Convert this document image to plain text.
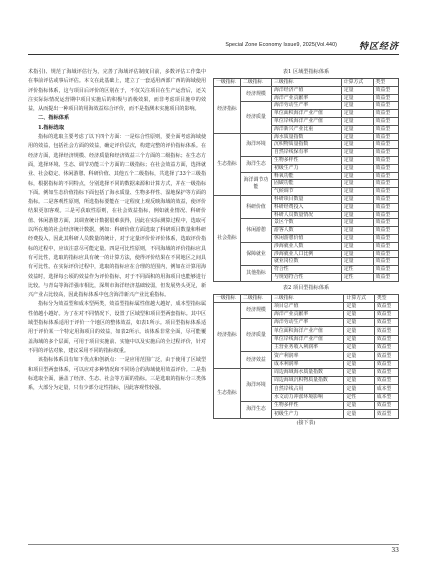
Special Zone Economy Issue9, 2025(Vol.440) 特区经济

术指引)、规范了海域评估行为，完善了海域评估制度目前，多数评估工作集中在事前评估或事后评估。本文在此基础上，建立了一套适用西部广西的海域使用评价指标体系，这与项目后评价的区别在于，不仅关注项目在生产运营后，还关注实际际情况运营期中项目实施后的积极与消极效果，而非考虑项目施中的效益，从而提出一种项目的用海效益综合评价，而不是指测未实施项目的影响。

二、指标体系

1.指标选取

指标的选取主要考虑了以下四个方面：一是综合性原则，要全面考虑海域使用的效益，包括社会方面的效益，确定评价层次，构建完整的评价指标体系。在经济方面，选择经济规模、经济质量和经济效益三个方面的二级指标；在生态方面，选择环境、生态、调节功能三个方面的二级指标；在社会效益方面，选择就业、社会稳定、休闲游憩、科研价值、其他五个二级指标，共选择了33个三级指标，根据指标的不同特点，分别选择不同的数据来源和计算方式，并在一级指标下面。例如生态价值指标下面包括了海水质量、生物多样性、湿地保护等方面的指标。二是客观性原则，所选指标要能在一定程度上观反映海域的效益，使评价结果更加客观。三是可获取性原则，在社会效益指标，例如就业情况、科研价值、休闲游憩方面，其调查统计数据很难获得，因此在实际测算过程中，选取可以所在地的社会经济统计数据，例如：科研价值方面选取了科研项目数量和科研经费投入，因此其科研人员数量的统计，对于定量评价价评价体系，选取评价指标的过程中，应该注意尽可能定量。四是可比性原则，不同海域的评价指标应具有可比性，选取的指标应具有统一的计算方法，使得评价结果在不同地区之间具有可比性。在实际评价过程中，选取的指标应在合理的范围内，例如在计算用海效益时，选择每公顷的效益作为评价指标，对于不同面积的用海项目也能够进行比较。与青岛等海洋强市相比，深圳市海洋经济基础较弱，但发展势头更足，新兴产业占比较高，因此指标体系中包含海洋新兴产业比重指标。

指标分为效益型和成本型两类，效益型指标属性值越大越好，成本型指标属性值越小越好。为了在对不同情况下，设置了区域型和项目型两套指标。其中区域型指标体系适用于评价一个地区的整体效益，如表1所示。项目型指标体系适用于评价某一个特定用海项目的效益，如表2所示。该体系非常全面，尽可能覆盖海域的多个层面，可用于项目实施前、实施中以及实施后的全过程评价，针对不同的评估对象，建议采用不同的指标权重。

该指标体系具有如下优点和创新点：一是应用范围广泛，由于使用了区域型和项目型两套体系，可以应对多种情况和不同场合的海域使用效益评价。二是指标选取全面，涵盖了经济、生态、社会等方面的指标。三是选取的指标分三类体系，大部分为定量，只有少部分定性指标，因此客观性较强。

表1 区域型指标体系
一级指标	二级指标	三级指标	计算方式	类型
经济指标	经济规模	海洋经济产值	定量	效益型
		海洋产业贡献率	定量	效益型
	经济质量	海洋劳动生产率	定量	效益型
		单位面积海洋产业产值	定量	效益型
		单位岸线海洋产业产值	定量	效益型
		海洋新兴产业比重	定量	效益型
生态指标	海洋环境	海水质量指数	定量	效益型
		沉积物质量指数	定量	效益型
		自然岸线保有率	定量	效益型
	海洋生态	生物多样性	定量	效益型
		初级生产力	定量	效益型
	海洋调节功能	释氧功能	定量	效益型
		固碳功能	定量	效益型
		气候调节	定量	效益型
社会指标	科研价值	科研项目数量	定量	效益型
		科研经费投入	定量	效益型
		科研人员数量情况	定量	效益型
	休闲游憩	景区个数	定量	效益型
		游客人数	定量	效益型
		休闲游憩价值	定量	效益型
	保障就业	涉海就业人数	定量	效益型
		涉海就业人口比例	定量	效益型
		就业岗位数	定量	效益型
	其他指标	符合性	定性	效益型
		与规划符合性	定性	效益型
表2 项目型指标体系
一级指标	二级指标	三级指标	计算方式	类型
经济指标	经济规模	项目总产值	定量	效益型
		海洋产业贡献率	定量	效益型
	经济质量	海洋劳动生产率	定量	效益型
		单位面积海洋产业产值	定量	效益型
		单位岸线海洋产业产值	定量	效益型
		主营业务收入利润率	定量	效益型
	经济效益	资产利润率	定量	效益型
		成本利润率	定量	效益型
生态指标	海洋环境	周边海域海水质量指数	定量	效益型
		周边海域沉积物质量指数	定量	效益型
		自然岸线占用	定量	成本型
		水文动力冲淤环境影响	定性	成本型
	海洋生态	生物多样性	定量	效益型
		初级生产力	定量	效益型
(接下表)
33
